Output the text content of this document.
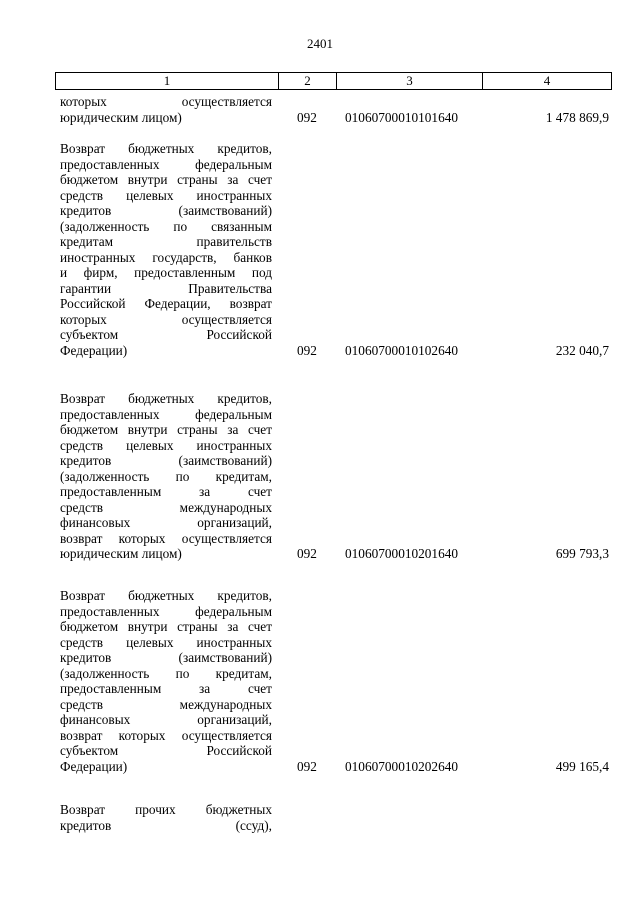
2401
1	2	3	4
которых осуществляется
юридическим лицом)	092	01060700010101640	1 478 869,9
Возврат бюджетных кредитов,
предоставленных федеральным
бюджетом внутри страны за счет
средств целевых иностранных
кредитов (заимствований)
(задолженность по связанным
кредитам правительств
иностранных государств, банков
и фирм, предоставленным под
гарантии Правительства
Российской Федерации, возврат
которых осуществляется
субъектом Российской
Федерации)	092	01060700010102640	232 040,7
Возврат бюджетных кредитов,
предоставленных федеральным
бюджетом внутри страны за счет
средств целевых иностранных
кредитов (заимствований)
(задолженность по кредитам,
предоставленным за счет
средств международных
финансовых организаций,
возврат которых осуществляется
юридическим лицом)	092	01060700010201640	699 793,3
Возврат бюджетных кредитов,
предоставленных федеральным
бюджетом внутри страны за счет
средств целевых иностранных
кредитов (заимствований)
(задолженность по кредитам,
предоставленным за счет
средств международных
финансовых организаций,
возврат которых осуществляется
субъектом Российской
Федерации)	092	01060700010202640	499 165,4
Возврат прочих бюджетных
кредитов (ссуд),
